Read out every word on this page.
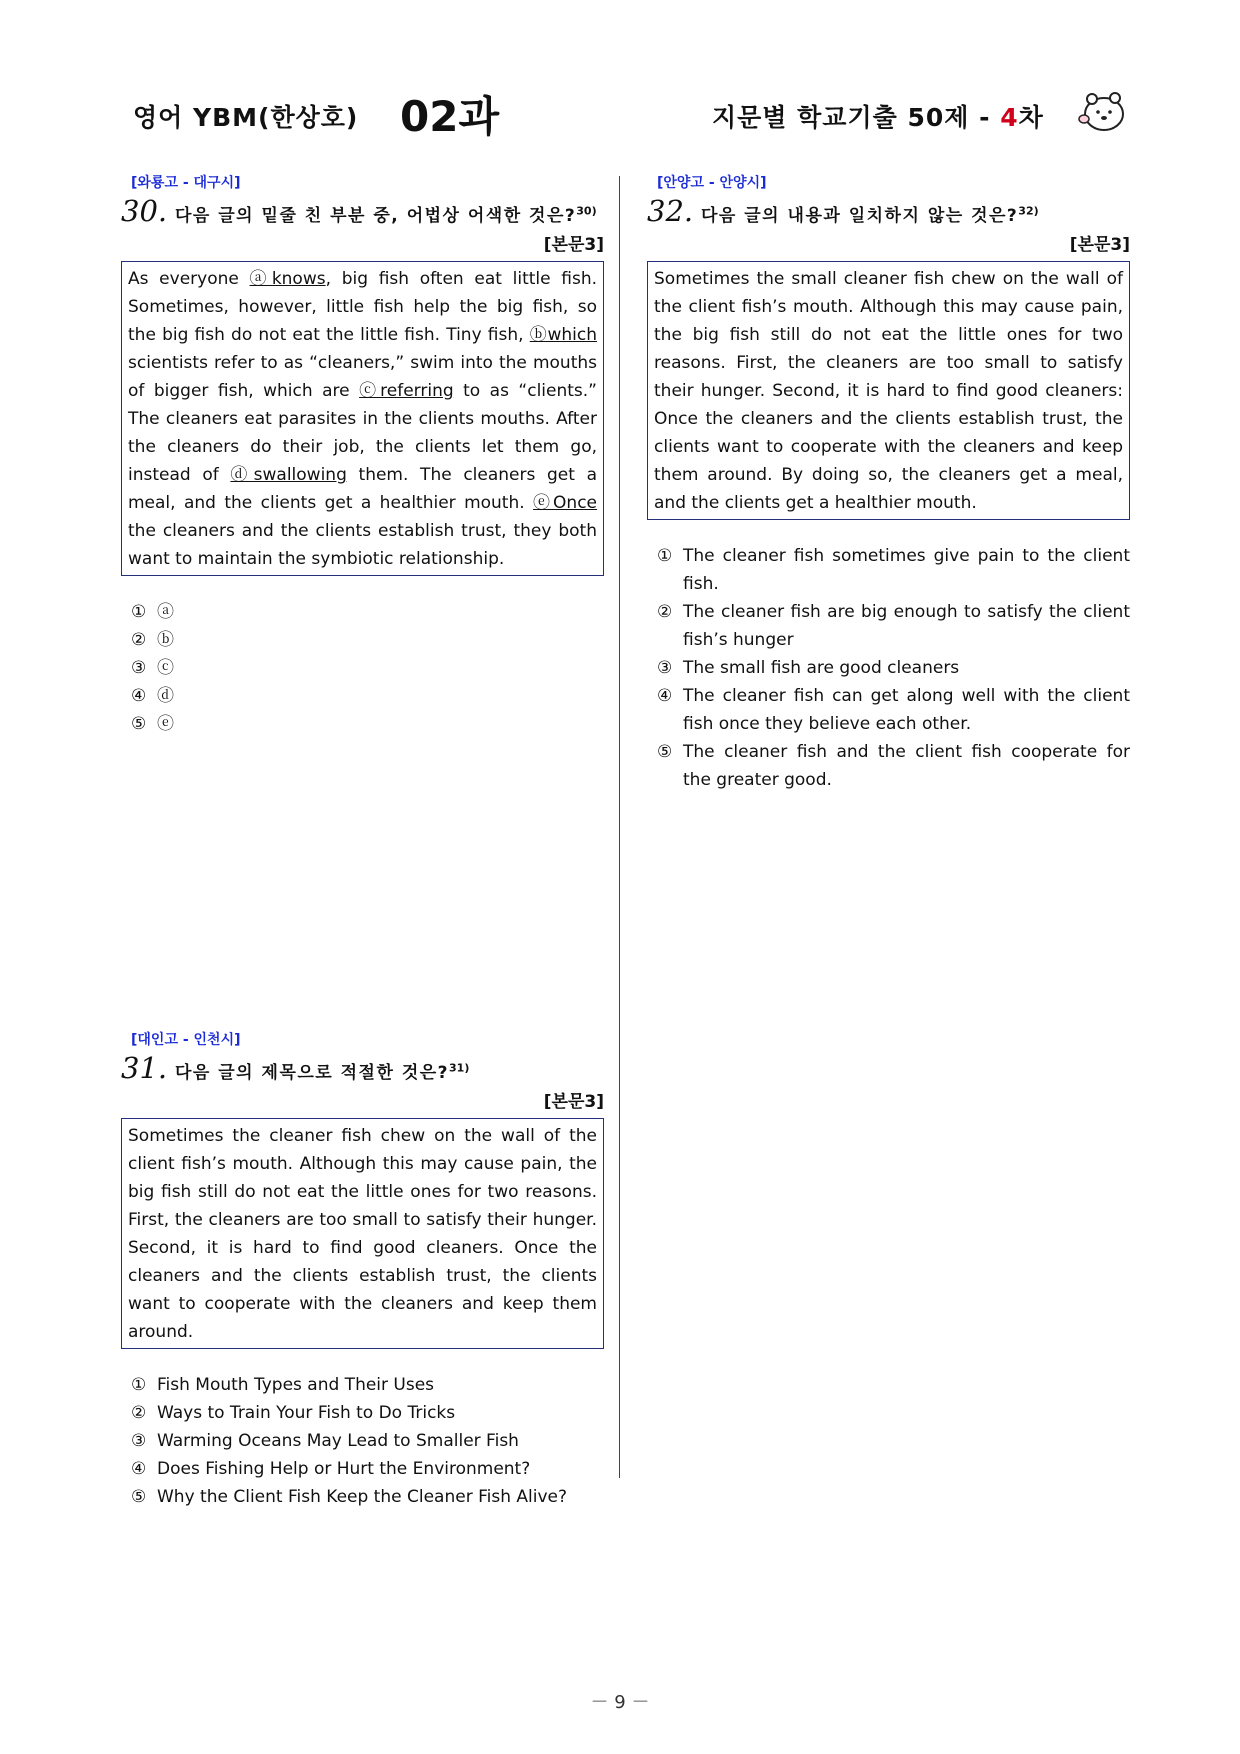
영어 YBM(한상호) 02과	지문별 학교기출 50제 - 4차
[와룡고 - 대구시]
30. 다음 글의 밑줄 친 부분 중, 어법상 어색한 것은?$^{30)}$
[본문3]
As everyone ⓐknows, big fish often eat little fish. Sometimes, however, little fish help the big fish, so the big fish do not eat the little fish. Tiny fish, ⓑwhich scientists refer to as “cleaners,” swim into the mouths of bigger fish, which are ⓒreferring to as “clients.” The cleaners eat parasites in the clients mouths. After the cleaners do their job, the clients let them go, instead of ⓓswallowing them. The cleaners get a meal, and the clients get a healthier mouth. ⓔOnce the cleaners and the clients establish trust, they both want to maintain the symbiotic relationship.
① ⓐ
② ⓑ
③ ⓒ
④ ⓓ
⑤ ⓔ
[대인고 - 인천시]
31. 다음 글의 제목으로 적절한 것은?$^{31)}$
[본문3]
Sometimes the cleaner fish chew on the wall of the client fish’s mouth. Although this may cause pain, the big fish still do not eat the little ones for two reasons. First, the cleaners are too small to satisfy their hunger. Second, it is hard to find good cleaners. Once the cleaners and the clients establish trust, the clients want to cooperate with the cleaners and keep them around.
① Fish Mouth Types and Their Uses
② Ways to Train Your Fish to Do Tricks
③ Warming Oceans May Lead to Smaller Fish
④ Does Fishing Help or Hurt the Environment?
⑤ Why the Client Fish Keep the Cleaner Fish Alive?
[안양고 - 안양시]
32. 다음 글의 내용과 일치하지 않는 것은?$^{32)}$
[본문3]
Sometimes the small cleaner fish chew on the wall of the client fish’s mouth. Although this may cause pain, the big fish still do not eat the little ones for two reasons. First, the cleaners are too small to satisfy their hunger. Second, it is hard to find good cleaners: Once the cleaners and the clients establish trust, the clients want to cooperate with the cleaners and keep them around. By doing so, the cleaners get a meal, and the clients get a healthier mouth.
① The cleaner fish sometimes give pain to the client fish.
② The cleaner fish are big enough to satisfy the client fish’s hunger
③ The small fish are good cleaners
④ The cleaner fish can get along well with the client fish once they believe each other.
⑤ The cleaner fish and the client fish cooperate for the greater good.
－ 9 －
